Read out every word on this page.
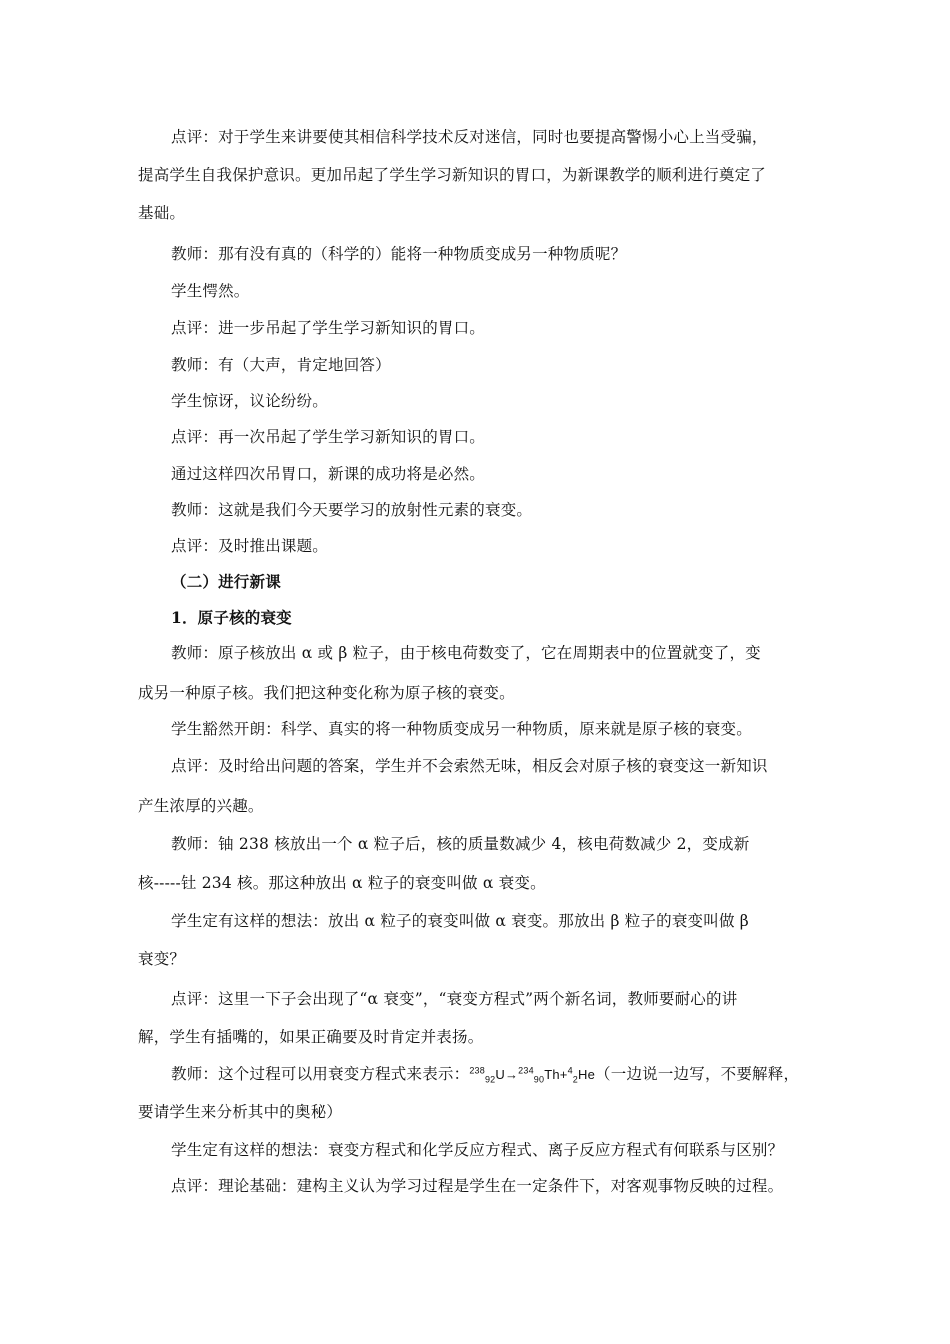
点评：对于学生来讲要使其相信科学技术反对迷信，同时也要提高警惕小心上当受骗，
提高学生自我保护意识。更加吊起了学生学习新知识的胃口，为新课教学的顺利进行奠定了
基础。
教师：那有没有真的（科学的）能将一种物质变成另一种物质呢？
学生愕然。
点评：进一步吊起了学生学习新知识的胃口。
教师：有（大声，肯定地回答）
学生惊讶，议论纷纷。
点评：再一次吊起了学生学习新知识的胃口。
通过这样四次吊胃口，新课的成功将是必然。
教师：这就是我们今天要学习的放射性元素的衰变。
点评：及时推出课题。
（二）进行新课
1．原子核的衰变
教师：原子核放出 α 或 β 粒子，由于核电荷数变了，它在周期表中的位置就变了，变
成另一种原子核。我们把这种变化称为原子核的衰变。
学生豁然开朗：科学、真实的将一种物质变成另一种物质，原来就是原子核的衰变。
点评：及时给出问题的答案，学生并不会索然无味，相反会对原子核的衰变这一新知识
产生浓厚的兴趣。
教师：铀 238 核放出一个 α 粒子后，核的质量数减少 4，核电荷数减少 2，变成新
核-----钍 234 核。那这种放出 α 粒子的衰变叫做 α 衰变。
学生定有这样的想法：放出 α 粒子的衰变叫做 α 衰变。那放出 β 粒子的衰变叫做 β
衰变？
点评：这里一下子会出现了“α 衰变”，“衰变方程式”两个新名词，教师要耐心的讲
解，学生有插嘴的，如果正确要及时肯定并表扬。
教师：这个过程可以用衰变方程式来表示：$^{238}_{92}$U→$^{234}_{90}$Th+$^4_2$He（一边说一边写，不要解释，
要请学生来分析其中的奥秘）
学生定有这样的想法：衰变方程式和化学反应方程式、离子反应方程式有何联系与区别？
点评：理论基础：建构主义认为学习过程是学生在一定条件下，对客观事物反映的过程。
